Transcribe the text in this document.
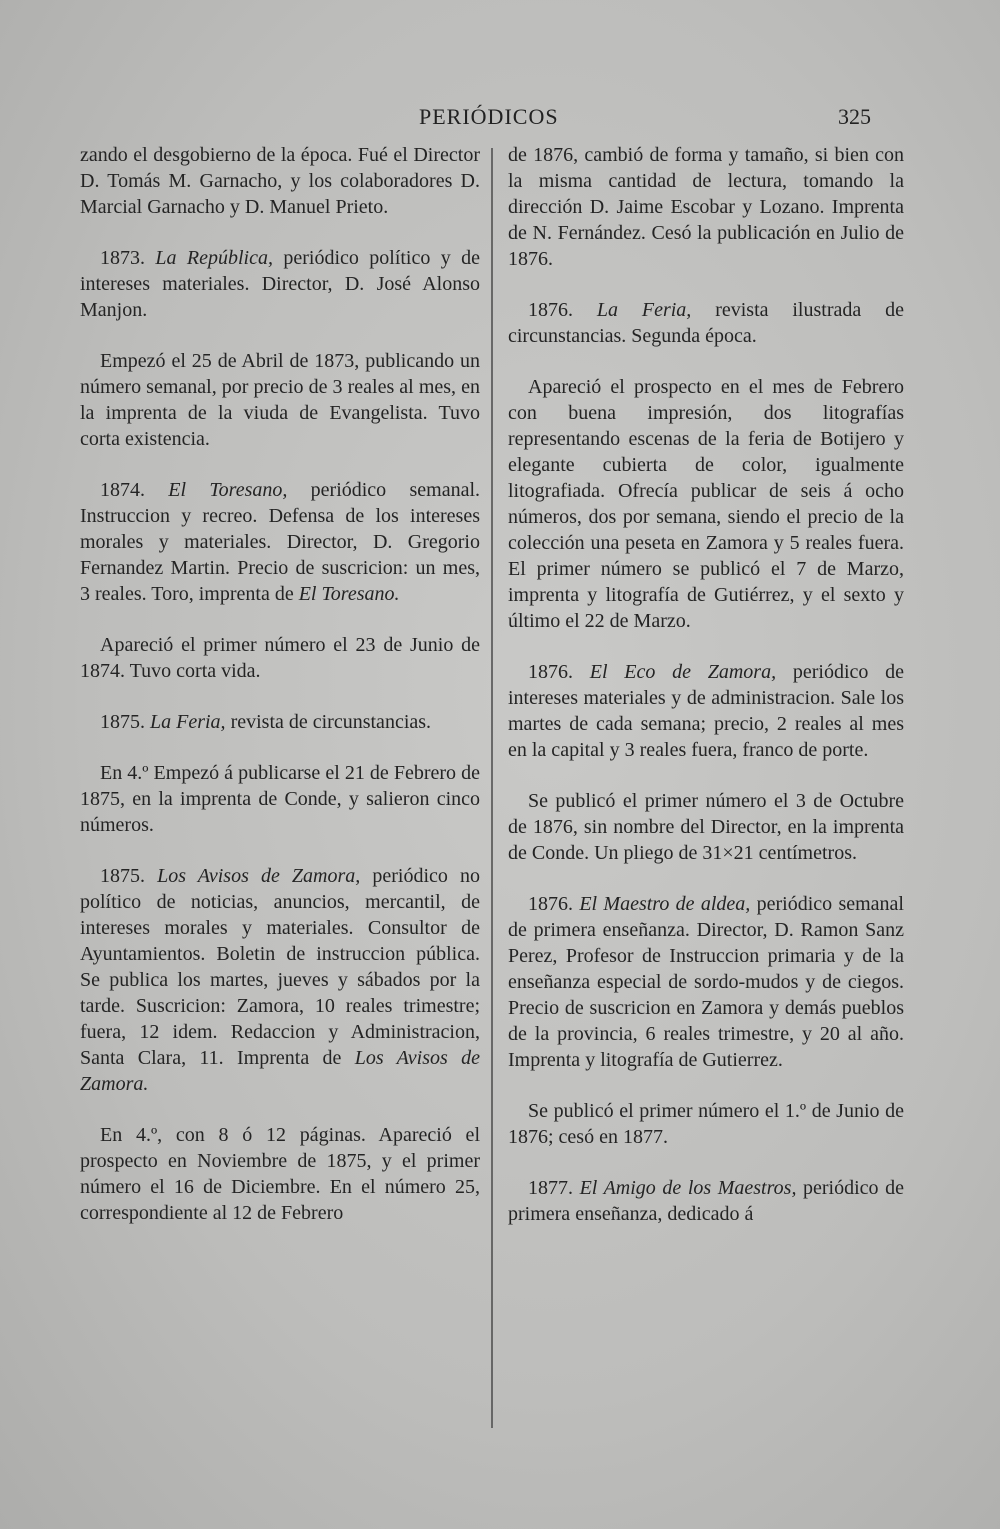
PERIÓDICOS	325

zando el desgobierno de la época. Fué el Director D. Tomás M. Garnacho, y los colaboradores D. Marcial Garnacho y D. Manuel Prieto.

1873. La República, periódico político y de intereses materiales. Director, D. José Alonso Manjon.

Empezó el 25 de Abril de 1873, publicando un número semanal, por precio de 3 reales al mes, en la imprenta de la viuda de Evangelista. Tuvo corta existencia.

1874. El Toresano, periódico semanal. Instruccion y recreo. Defensa de los intereses morales y materiales. Director, D. Gregorio Fernandez Martin. Precio de suscricion: un mes, 3 reales. Toro, imprenta de El Toresano.

Apareció el primer número el 23 de Junio de 1874. Tuvo corta vida.

1875. La Feria, revista de circunstancias.

En 4.º Empezó á publicarse el 21 de Febrero de 1875, en la imprenta de Conde, y salieron cinco números.

1875. Los Avisos de Zamora, periódico no político de noticias, anuncios, mercantil, de intereses morales y materiales. Consultor de Ayuntamientos. Boletin de instruccion pública. Se publica los martes, jueves y sábados por la tarde. Suscricion: Zamora, 10 reales trimestre; fuera, 12 idem. Redaccion y Administracion, Santa Clara, 11. Imprenta de Los Avisos de Zamora.

En 4.º, con 8 ó 12 páginas. Apareció el prospecto en Noviembre de 1875, y el primer número el 16 de Diciembre. En el número 25, correspondiente al 12 de Febrero

de 1876, cambió de forma y tamaño, si bien con la misma cantidad de lectura, tomando la dirección D. Jaime Escobar y Lozano. Imprenta de N. Fernández. Cesó la publicación en Julio de 1876.

1876. La Feria, revista ilustrada de circunstancias. Segunda época.

Apareció el prospecto en el mes de Febrero con buena impresión, dos litografías representando escenas de la feria de Botijero y elegante cubierta de color, igualmente litografiada. Ofrecía publicar de seis á ocho números, dos por semana, siendo el precio de la colección una peseta en Zamora y 5 reales fuera. El primer número se publicó el 7 de Marzo, imprenta y litografía de Gutiérrez, y el sexto y último el 22 de Marzo.

1876. El Eco de Zamora, periódico de intereses materiales y de administracion. Sale los martes de cada semana; precio, 2 reales al mes en la capital y 3 reales fuera, franco de porte.

Se publicó el primer número el 3 de Octubre de 1876, sin nombre del Director, en la imprenta de Conde. Un pliego de 31×21 centímetros.

1876. El Maestro de aldea, periódico semanal de primera enseñanza. Director, D. Ramon Sanz Perez, Profesor de Instruccion primaria y de la enseñanza especial de sordo-mudos y de ciegos. Precio de suscricion en Zamora y demás pueblos de la provincia, 6 reales trimestre, y 20 al año. Imprenta y litografía de Gutierrez.

Se publicó el primer número el 1.º de Junio de 1876; cesó en 1877.

1877. El Amigo de los Maestros, periódico de primera enseñanza, dedicado á
